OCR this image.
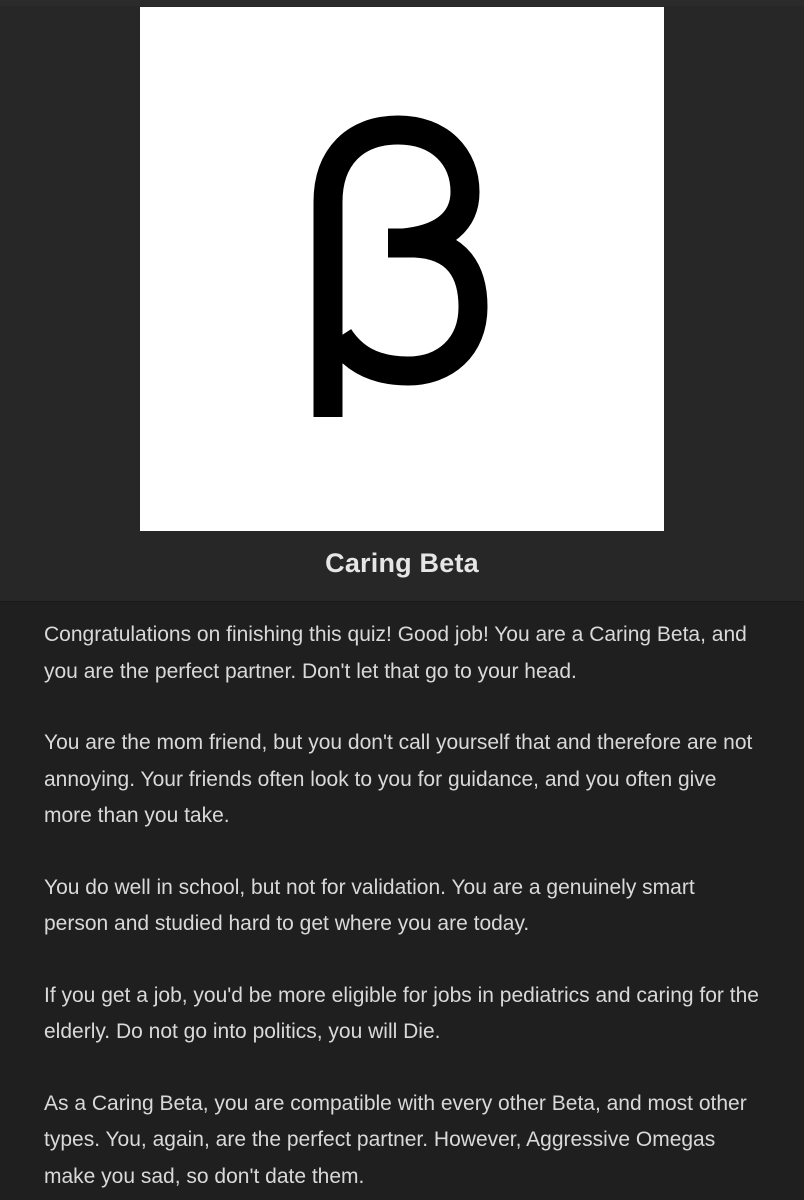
Caring Beta

Congratulations on finishing this quiz! Good job! You are a Caring Beta, and you are the perfect partner. Don't let that go to your head.

You are the mom friend, but you don't call yourself that and therefore are not annoying. Your friends often look to you for guidance, and you often give more than you take.

You do well in school, but not for validation. You are a genuinely smart person and studied hard to get where you are today.

If you get a job, you'd be more eligible for jobs in pediatrics and caring for the elderly. Do not go into politics, you will Die.

As a Caring Beta, you are compatible with every other Beta, and most other types. You, again, are the perfect partner. However, Aggressive Omegas make you sad, so don't date them.
